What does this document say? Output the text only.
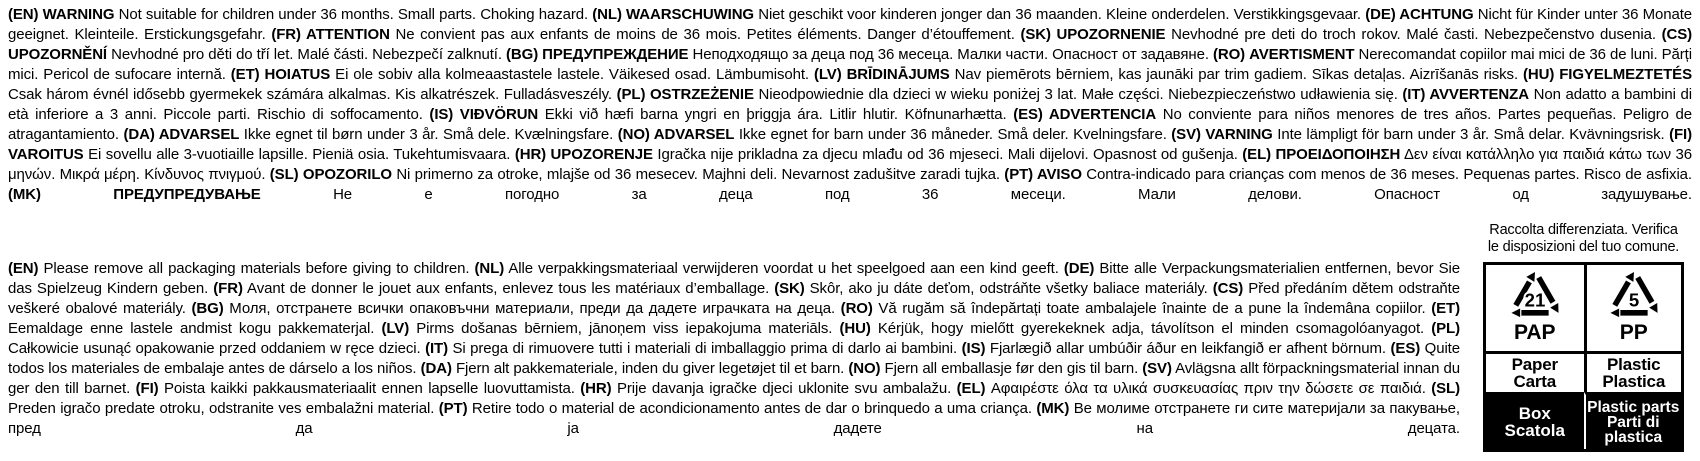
(EN) WARNING Not suitable for children under 36 months. Small parts. Choking hazard. (NL) WAARSCHUWING Niet geschikt voor kinderen jonger dan 36 maanden. Kleine onderdelen. Verstikkingsgevaar. (DE) ACHTUNG Nicht für Kinder unter 36 Monate geeignet. Kleinteile. Erstickungsgefahr. (FR) ATTENTION Ne convient pas aux enfants de moins de 36 mois. Petites éléments. Danger d’étouffement. (SK) UPOZORNENIE Nevhodné pre deti do troch rokov. Malé časti. Nebezpečenstvo dusenia. (CS) UPOZORNĚNÍ Nevhodné pro děti do tří let. Malé části. Nebezpečí zalknutí. (BG) ПРЕДУПРЕЖДЕНИЕ Неподходящо за деца под 36 месеца. Малки части. Опасност от задавяне. (RO) AVERTISMENT Nerecomandat copiilor mai mici de 36 de luni. Părți mici. Pericol de sufocare internă. (ET) HOIATUS Ei ole sobiv alla kolmeaastastele lastele. Väikesed osad. Lämbumisoht. (LV) BRĪDINĀJUMS Nav piemērots bērniem, kas jaunāki par trim gadiem. Sīkas detaļas. Aizrīšanās risks. (HU) FIGYELMEZTETÉS Csak három évnél idősebb gyermekek számára alkalmas. Kis alkatrészek. Fulladásveszély. (PL) OSTRZEŻENIE Nieodpowiednie dla dzieci w wieku poniżej 3 lat. Małe części. Niebezpieczeństwo udławienia się. (IT) AVVERTENZA Non adatto a bambini di età inferiore a 3 anni. Piccole parti. Rischio di soffocamento. (IS) VIÐVÖRUN Ekki við hæfi barna yngri en þriggja ára. Litlir hlutir. Köfnunarhætta. (ES) ADVERTENCIA No conviente para niños menores de tres años. Partes pequeñas. Peligro de atragantamiento. (DA) ADVARSEL Ikke egnet til børn under 3 år. Små dele. Kvælningsfare. (NO) ADVARSEL Ikke egnet for barn under 36 måneder. Små deler. Kvelningsfare. (SV) VARNING Inte lämpligt för barn under 3 år. Små delar. Kvävningsrisk. (FI) VAROITUS Ei sovellu alle 3-vuotiaille lapsille. Pieniä osia. Tukehtumisvaara. (HR) UPOZORENJE Igračka nije prikladna za djecu mlađu od 36 mjeseci. Mali dijelovi. Opasnost od gušenja. (EL) ΠΡΟΕΙΔΟΠΟΙΗΣΗ Δεν είναι κατάλληλο για παιδιά κάτω των 36 μηνών. Μικρά μέρη. Κίνδυνος πνιγμού. (SL) OPOZORILO Ni primerno za otroke, mlajše od 36 mesecev. Majhni deli. Nevarnost zadušitve zaradi tujka. (PT) AVISO Contra-indicado para crianças com menos de 36 meses. Pequenas partes. Risco de asfixia. (MK) ПРЕДУПРЕДУВАЊЕ Не е погодно за деца под 36 месеци. Мали делови. Опасност од задушување.

(EN) Please remove all packaging materials before giving to children. (NL) Alle verpakkingsmateriaal verwijderen voordat u het speelgoed aan een kind geeft. (DE) Bitte alle Verpackungsmaterialien entfernen, bevor Sie das Spielzeug Kindern geben. (FR) Avant de donner le jouet aux enfants, enlevez tous les matériaux d’emballage. (SK) Skôr, ako ju dáte deťom, odstráňte všetky baliace materiály. (CS) Před předáním dětem odstraňte veškeré obalové materiály. (BG) Моля, отстранете всички опаковъчни материали, преди да дадете играчката на деца. (RO) Vă rugăm să îndepărtați toate ambalajele înainte de a pune la îndemâna copiilor. (ET) Eemaldage enne lastele andmist kogu pakkematerjal. (LV) Pirms došanas bērniem, jānoņem viss iepakojuma materiāls. (HU) Kérjük, hogy mielőtt gyerekeknek adja, távolítson el minden csomagolóanyagot. (PL) Całkowicie usunąć opakowanie przed oddaniem w ręce dzieci. (IT) Si prega di rimuovere tutti i materiali di imballaggio prima di darlo ai bambini. (IS) Fjarlægið allar umbúðir áður en leikfangið er afhent börnum. (ES) Quite todos los materiales de embalaje antes de dárselo a los niños. (DA) Fjern alt pakkemateriale, inden du giver legetøjet til et barn. (NO) Fjern all emballasje før den gis til barn. (SV) Avlägsna allt förpackningsmaterial innan du ger den till barnet. (FI) Poista kaikki pakkausmateriaalit ennen lapselle luovuttamista. (HR) Prije davanja igračke djeci uklonite svu ambalažu. (EL) Αφαιρέστε όλα τα υλικά συσκευασίας πριν την δώσετε σε παιδιά. (SL) Preden igračo predate otroku, odstranite ves embalažni material. (PT) Retire todo o material de acondicionamento antes de dar o brinquedo a uma criança. (MK) Ве молиме отстранете ги сите материјали за пакување, пред да ја дадете на децата.

Raccolta differenziata. Verifica
le disposizioni del tuo comune.
21
PAP
5
PP
Paper
Carta
Plastic
Plastica
Box
Scatola
Plastic parts
Parti di
plastica
